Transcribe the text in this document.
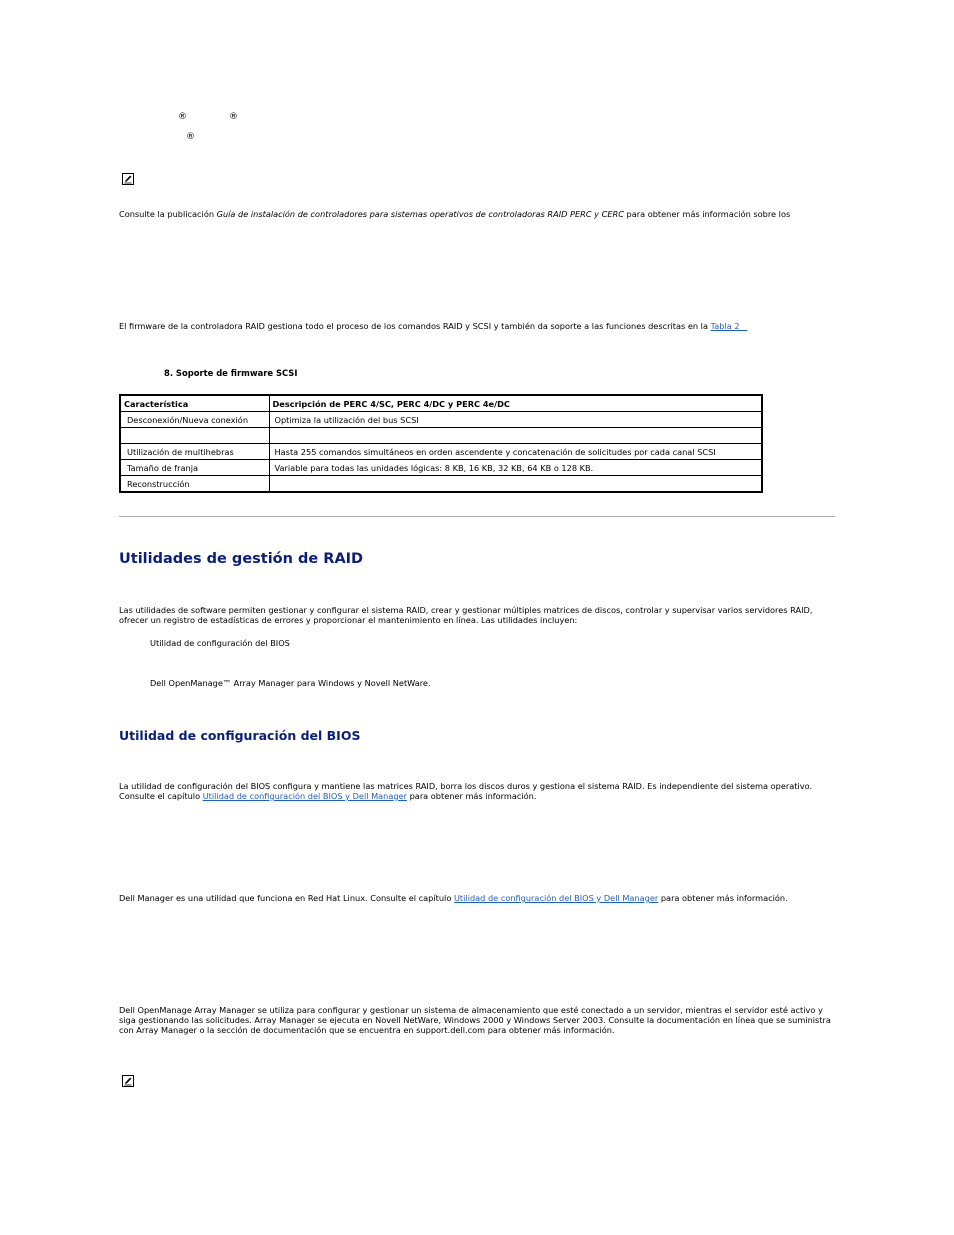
®	®
®
Consulte la publicación Guía de instalación de controladores para sistemas operativos de controladoras RAID PERC y CERC para obtener más información sobre los
El firmware de la controladora RAID gestiona todo el proceso de los comandos RAID y SCSI y también da soporte a las funciones descritas en la Tabla 2
8. Soporte de firmware SCSI
Característica	Descripción de PERC 4/SC, PERC 4/DC y PERC 4e/DC
Desconexión/Nueva conexión	Optimiza la utilización del bus SCSI

Utilización de multihebras	Hasta 255 comandos simultáneos en orden ascendente y concatenación de solicitudes por cada canal SCSI
Tamaño de franja	Variable para todas las unidades lógicas: 8 KB, 16 KB, 32 KB, 64 KB o 128 KB.
Reconstrucción	
Utilidades de gestión de RAID
Las utilidades de software permiten gestionar y configurar el sistema RAID, crear y gestionar múltiples matrices de discos, controlar y supervisar varios servidores RAID, ofrecer un registro de estadísticas de errores y proporcionar el mantenimiento en línea. Las utilidades incluyen:
Utilidad de configuración del BIOS
Dell OpenManage™ Array Manager para Windows y Novell NetWare.
Utilidad de configuración del BIOS
La utilidad de configuración del BIOS configura y mantiene las matrices RAID, borra los discos duros y gestiona el sistema RAID. Es independiente del sistema operativo. Consulte el capítulo Utilidad de configuración del BIOS y Dell Manager para obtener más información.
Dell Manager es una utilidad que funciona en Red Hat Linux. Consulte el capítulo Utilidad de configuración del BIOS y Dell Manager para obtener más información.
Dell OpenManage Array Manager se utiliza para configurar y gestionar un sistema de almacenamiento que esté conectado a un servidor, mientras el servidor esté activo y siga gestionando las solicitudes. Array Manager se ejecuta en Novell NetWare, Windows 2000 y Windows Server 2003. Consulte la documentación en línea que se suministra con Array Manager o la sección de documentación que se encuentra en support.dell.com para obtener más información.
